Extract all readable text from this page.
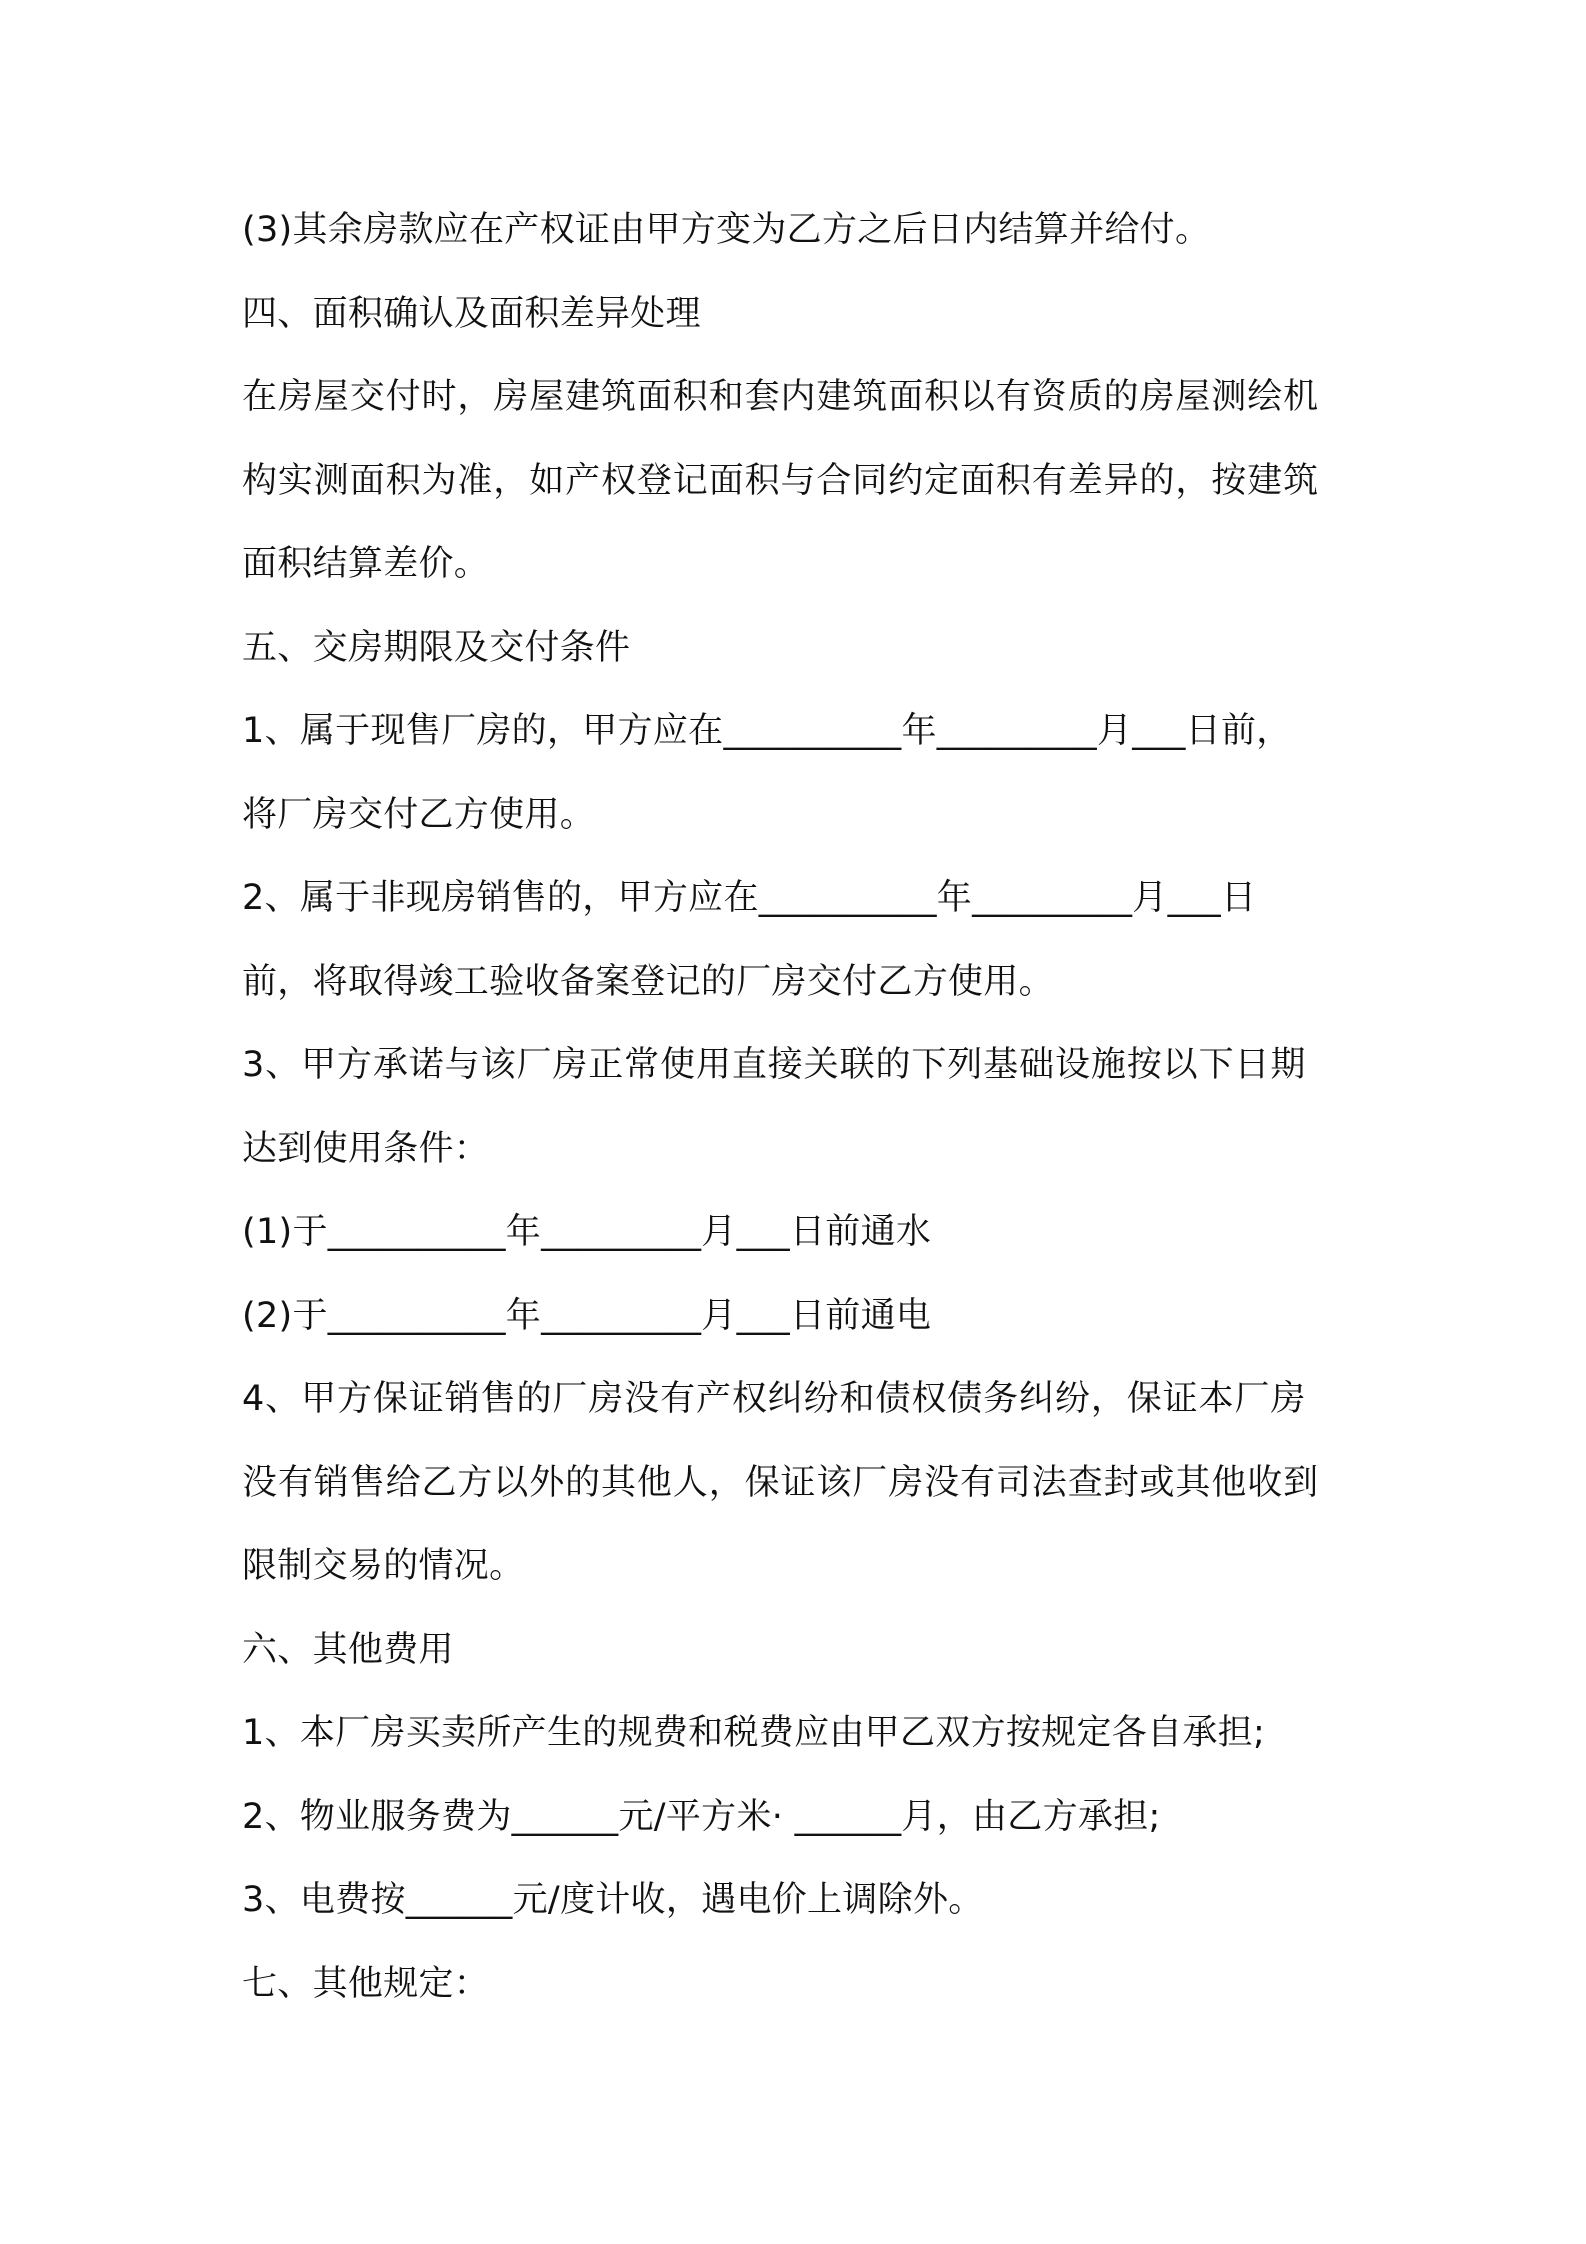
(3)其余房款应在产权证由甲方变为乙方之后日内结算并给付。
四、面积确认及面积差异处理
在房屋交付时，房屋建筑面积和套内建筑面积以有资质的房屋测绘机
构实测面积为准，如产权登记面积与合同约定面积有差异的，按建筑
面积结算差价。
五、交房期限及交付条件
1、属于现售厂房的，甲方应在__________年_________月___日前，
将厂房交付乙方使用。
2、属于非现房销售的，甲方应在__________年_________月___日
前，将取得竣工验收备案登记的厂房交付乙方使用。
3、甲方承诺与该厂房正常使用直接关联的下列基础设施按以下日期
达到使用条件：
(1)于__________年_________月___日前通水
(2)于__________年_________月___日前通电
4、甲方保证销售的厂房没有产权纠纷和债权债务纠纷，保证本厂房
没有销售给乙方以外的其他人，保证该厂房没有司法查封或其他收到
限制交易的情况。
六、其他费用
1、本厂房买卖所产生的规费和税费应由甲乙双方按规定各自承担;
2、物业服务费为______元/平方米· ______月，由乙方承担;
3、电费按______元/度计收，遇电价上调除外。
七、其他规定：
